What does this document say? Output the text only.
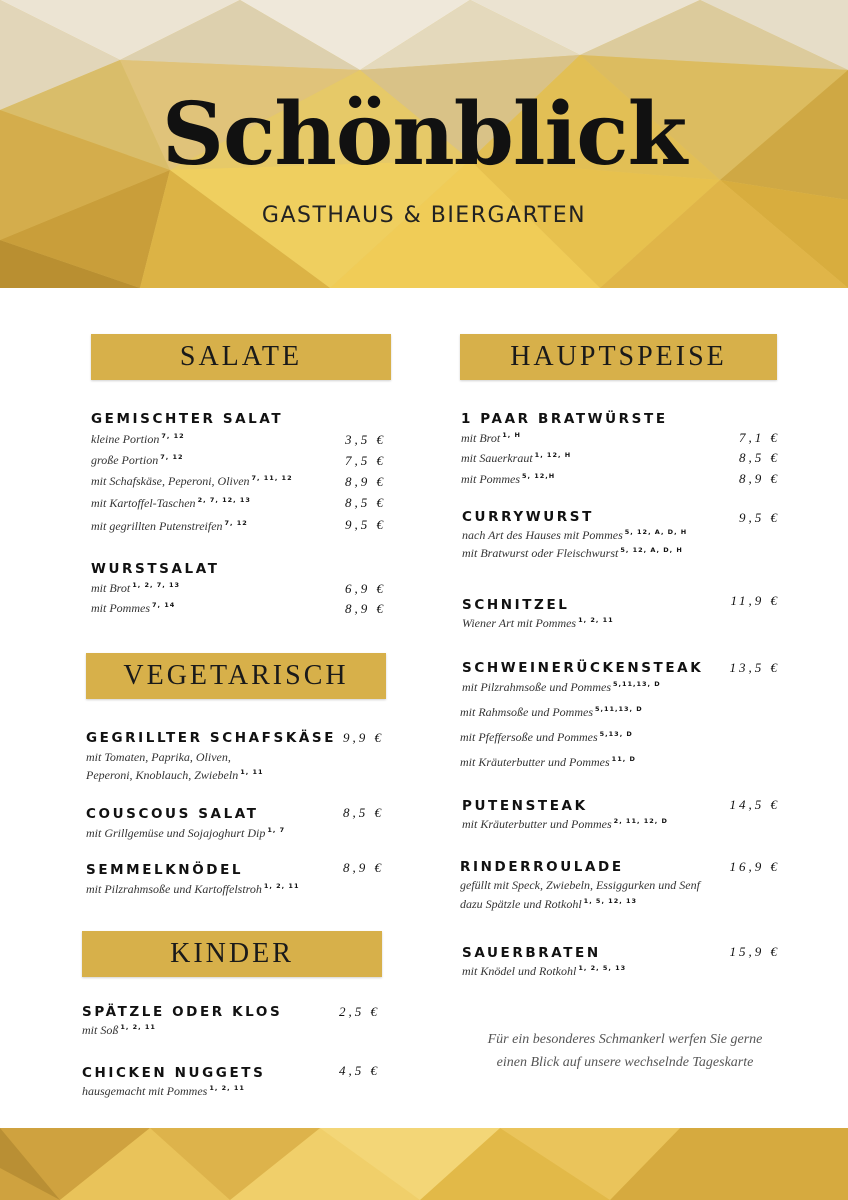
Schönblick
GASTHAUS & BIERGARTEN
SALATE	HAUPTSPEISE
VEGETARISCH
KINDER
GEMISCHTER SALAT
kleine Portion $^{7, 12}$	3,5 €
große Portion $^{7, 12}$	7,5 €
mit Schafskäse, Peperoni, Oliven $^{7, 11, 12}$	8,9 €
mit Kartoffel-Taschen $^{2, 7, 12, 13}$	8,5 €
mit gegrillten Putenstreifen $^{7, 12}$	9,5 €
WURSTSALAT
mit Brot $^{1, 2, 7, 13}$	6,9 €
mit Pommes $^{7, 14}$	8,9 €
GEGRILLTER SCHAFSKÄSE 9,9 €
mit Tomaten, Paprika, Oliven,
Peperoni, Knoblauch, Zwiebeln $^{1, 11}$
COUSCOUS SALAT	8,5 €
mit Grillgemüse und Sojajoghurt Dip $^{1, 7}$
SEMMELKNÖDEL	8,9 €
mit Pilzrahmsoße und Kartoffelstroh $^{1, 2, 11}$
SPÄTZLE ODER KLOS	2,5 €
mit Soß $^{1, 2, 11}$
CHICKEN NUGGETS	4,5 €
hausgemacht mit Pommes $^{1, 2, 11}$
1 PAAR BRATWÜRSTE
mit Brot $^{1, H}$	7,1 €
mit Sauerkraut $^{1, 12, H}$	8,5 €
mit Pommes $^{5, 12,H}$	8,9 €
CURRYWURST	9,5 €
nach Art des Hauses mit Pommes $^{5, 12, A, D, H}$
mit Bratwurst oder Fleischwurst $^{5, 12, A, D, H}$
SCHNITZEL	11,9 €
Wiener Art mit Pommes $^{1, 2, 11}$
SCHWEINERÜCKENSTEAK 13,5 €
mit Pilzrahmsoße und Pommes $^{5,11,13, D}$
mit Rahmsoße und Pommes $^{5,11,13, D}$
mit Pfeffersoße und Pommes $^{5,13, D}$
mit Kräuterbutter und Pommes $^{11, D}$
PUTENSTEAK	14,5 €
mit Kräuterbutter und Pommes $^{2, 11, 12, D}$
RINDERROULADE	16,9 €
gefüllt mit Speck, Zwiebeln, Essiggurken und Senf
dazu Spätzle und Rotkohl $^{1, 5, 12, 13}$
SAUERBRATEN	15,9 €
mit Knödel und Rotkohl $^{1, 2, 5, 13}$
Für ein besonderes Schmankerl werfen Sie gerne
einen Blick auf unsere wechselnde Tageskarte
